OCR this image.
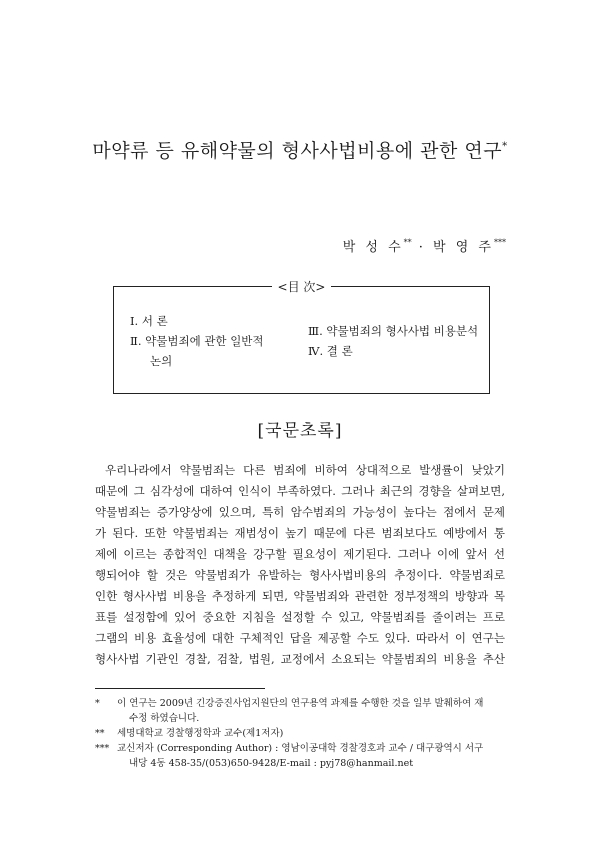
마약류 등 유해약물의 형사사법비용에 관한 연구*
박 성 수** · 박 영 주***
<目 次>
Ⅰ. 서 론
Ⅱ. 약물범죄에 관한 일반적
논의
Ⅲ. 약물범죄의 형사사법 비용분석
Ⅳ. 결 론
[국문초록]
우리나라에서 약물범죄는 다른 범죄에 비하여 상대적으로 발생률이 낮았기
때문에 그 심각성에 대하여 인식이 부족하였다. 그러나 최근의 경향을 살펴보면,
약물범죄는 증가양상에 있으며, 특히 암수범죄의 가능성이 높다는 점에서 문제
가 된다. 또한 약물범죄는 재범성이 높기 때문에 다른 범죄보다도 예방에서 통
제에 이르는 종합적인 대책을 강구할 필요성이 제기된다. 그러나 이에 앞서 선
행되어야 할 것은 약물범죄가 유발하는 형사사법비용의 추정이다. 약물범죄로
인한 형사사법 비용을 추정하게 되면, 약물범죄와 관련한 정부정책의 방향과 목
표를 설정함에 있어 중요한 지침을 설정할 수 있고, 약물범죄를 줄이려는 프로
그램의 비용 효율성에 대한 구체적인 답을 제공할 수도 있다. 따라서 이 연구는
형사사법 기관인 경찰, 검찰, 법원, 교정에서 소요되는 약물범죄의 비용을 추산
* 이 연구는 2009년 긴강증진사업지원단의 연구용역 과제를 수행한 것을 일부 발췌하여 재
수정 하였습니다.
** 세명대학교 경찰행정학과 교수(제1저자)
*** 교신저자 (Corresponding Author) : 영남이공대학 경찰경호과 교수 / 대구광역시 서구
내당 4동 458-35/(053)650-9428/E-mail : pyj78@hanmail.net
